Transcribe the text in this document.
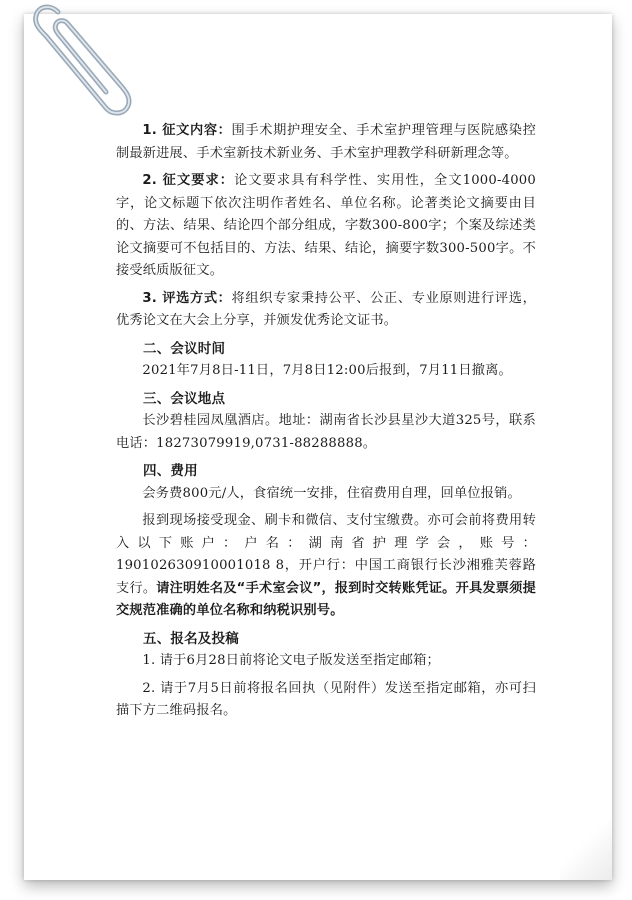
1. 征文内容：围手术期护理安全、手术室护理管理与医院感染控制最新进展、手术室新技术新业务、手术室护理教学科研新理念等。

2. 征文要求：论文要求具有科学性、实用性，全文1000-4000字，论文标题下依次注明作者姓名、单位名称。论著类论文摘要由目的、方法、结果、结论四个部分组成，字数300-800字；个案及综述类论文摘要可不包括目的、方法、结果、结论，摘要字数300-500字。不接受纸质版征文。

3. 评选方式：将组织专家秉持公平、公正、专业原则进行评选，优秀论文在大会上分享，并颁发优秀论文证书。

二、会议时间

2021年7月8日-11日，7月8日12:00后报到，7月11日撤离。

三、会议地点

长沙碧桂园凤凰酒店。地址：湖南省长沙县星沙大道325号，联系电话：18273079919,0731-88288888。

四、费用

会务费800元/人，食宿统一安排，住宿费用自理，回单位报销。

报到现场接受现金、刷卡和微信、支付宝缴费。亦可会前将费用转入以下账户：户名：湖南省护理学会，账号：190102630910001018 8，开户行：中国工商银行长沙湘雅芙蓉路支行。请注明姓名及“手术室会议”，报到时交转账凭证。开具发票须提交规范准确的单位名称和纳税识别号。

五、报名及投稿

1. 请于6月28日前将论文电子版发送至指定邮箱；

2. 请于7月5日前将报名回执（见附件）发送至指定邮箱，亦可扫描下方二维码报名。
